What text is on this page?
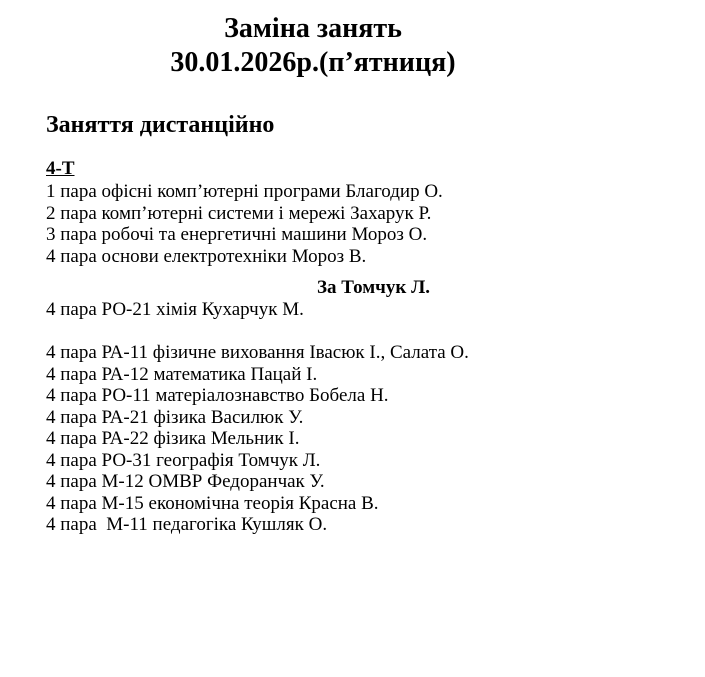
Заміна занять
30.01.2026р.(п’ятниця)
Заняття дистанційно
4-Т
1 пара офісні комп’ютерні програми Благодир О.
2 пара комп’ютерні системи і мережі Захарук Р.
3 пара робочі та енергетичні машини Мороз О.
4 пара основи електротехніки Мороз В.
За Томчук Л.
4 пара РО-21 хімія Кухарчук М.
4 пара РА-11 фізичне виховання Івасюк І., Салата О.
4 пара РА-12 математика Пацай І.
4 пара РО-11 матеріалознавство Бобела Н.
4 пара РА-21 фізика Василюк У.
4 пара РА-22 фізика Мельник І.
4 пара РО-31 географія Томчук Л.
4 пара М-12 ОМВР Федоранчак У.
4 пара М-15 економічна теорія Красна В.
4 пара  М-11 педагогіка Кушляк О.
